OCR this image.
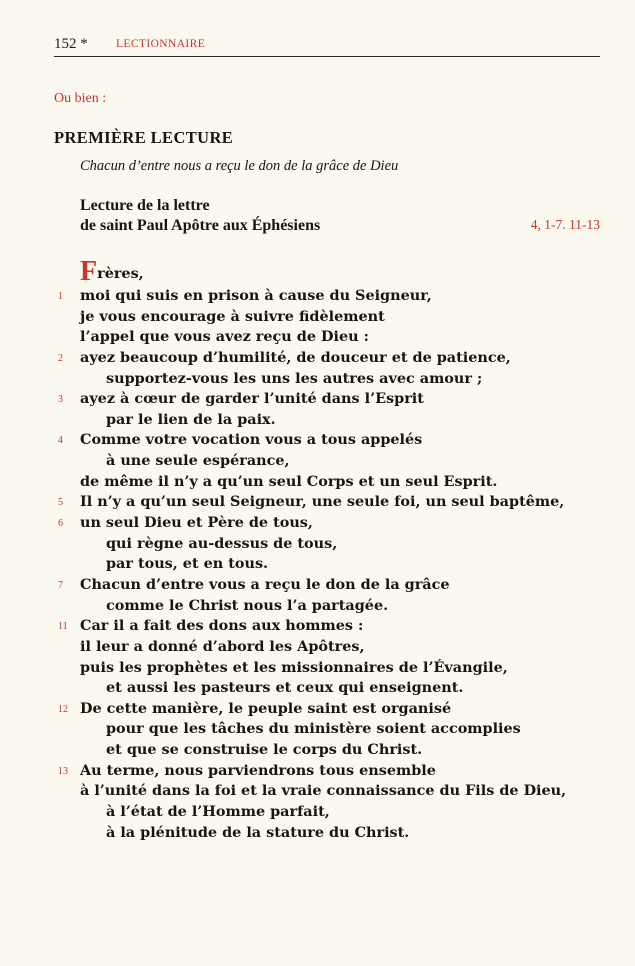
152 * LECTIONNAIRE
Ou bien :
PREMIÈRE LECTURE
Chacun d’entre nous a reçu le don de la grâce de Dieu
Lecture de la lettre
de saint Paul Apôtre aux Éphésiens	4, 1-7. 11-13
Frères,
1	moi qui suis en prison à cause du Seigneur,
je vous encourage à suivre fidèlement
l’appel que vous avez reçu de Dieu :
2	ayez beaucoup d’humilité, de douceur et de patience,
supportez-vous les uns les autres avec amour ;
3	ayez à cœur de garder l’unité dans l’Esprit
par le lien de la paix.
4	Comme votre vocation vous a tous appelés
à une seule espérance,
de même il n’y a qu’un seul Corps et un seul Esprit.
5	Il n’y a qu’un seul Seigneur, une seule foi, un seul baptême,
6	un seul Dieu et Père de tous,
qui règne au-dessus de tous,
par tous, et en tous.
7	Chacun d’entre vous a reçu le don de la grâce
comme le Christ nous l’a partagée.
11 Car il a fait des dons aux hommes :
il leur a donné d’abord les Apôtres,
puis les prophètes et les missionnaires de l’Évangile,
et aussi les pasteurs et ceux qui enseignent.
12 De cette manière, le peuple saint est organisé
pour que les tâches du ministère soient accomplies
et que se construise le corps du Christ.
13 Au terme, nous parviendrons tous ensemble
à l’unité dans la foi et la vraie connaissance du Fils de Dieu,
à l’état de l’Homme parfait,
à la plénitude de la stature du Christ.
